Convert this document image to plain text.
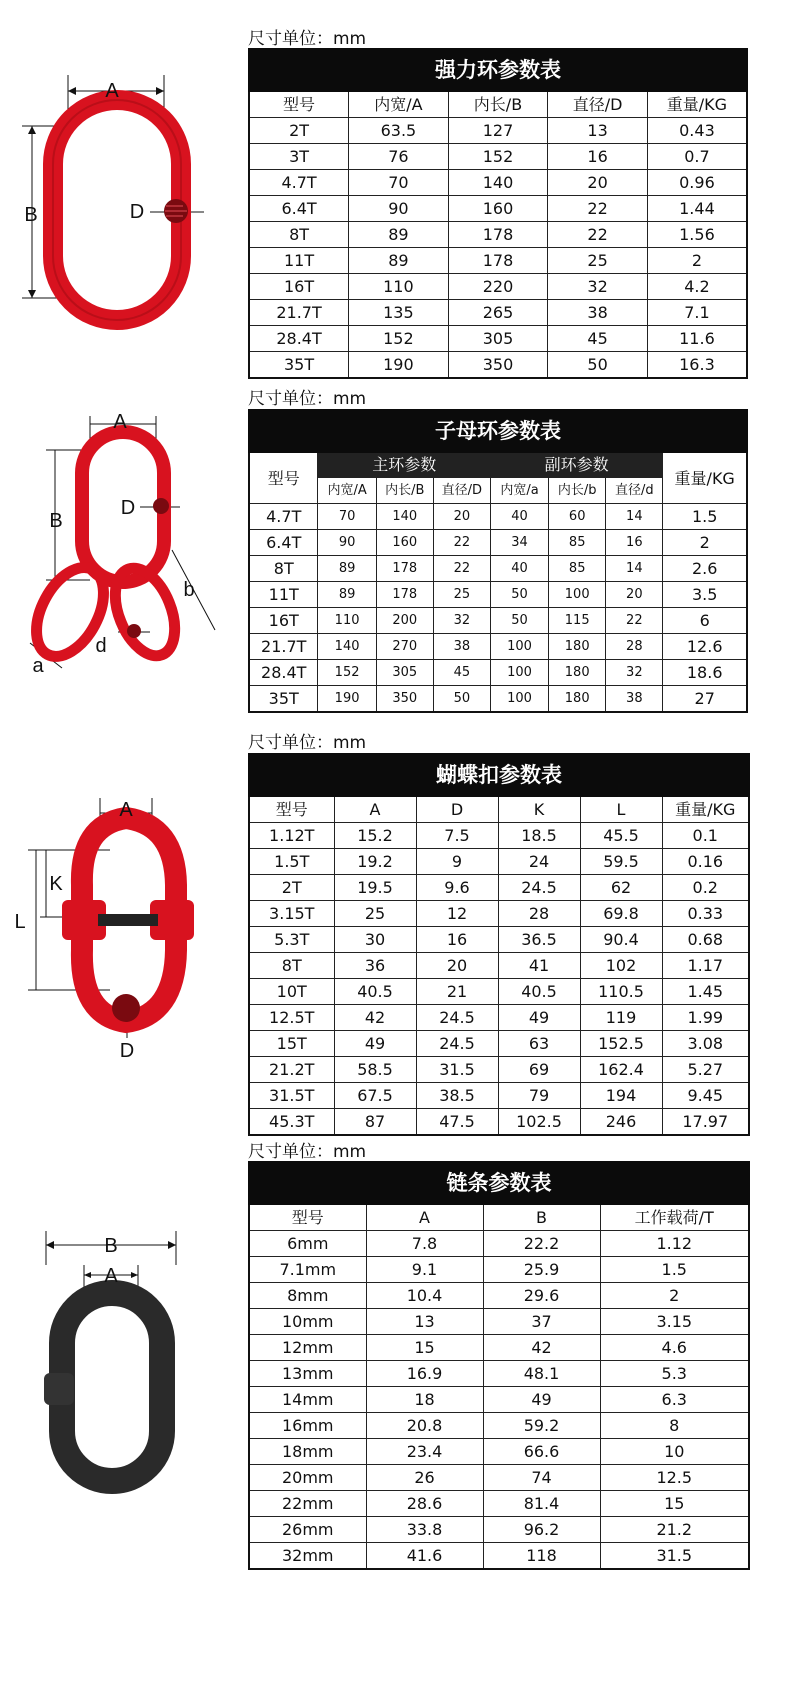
尺寸单位：mm
A
B	D
强力环参数表				
型号	内宽/A	内长/B	直径/D	重量/KG
2T	63.5	127	13	0.43
3T	76	152	16	0.7
4.7T	70	140	20	0.96
6.4T	90	160	22	1.44
8T	89	178	22	1.56
11T	89	178	25	2
16T	110	220	32	4.2
21.7T	135	265	38	7.1
28.4T	152	305	45	11.6
35T	190	350	50	16.3
尺寸单位：mm
A
B
D
a
b
d
子母环参数表							
型号	主环参数			副环参数			重量/KG
	内宽/A	内长/B	直径/D	内宽/a	内长/b	直径/d	
4.7T	70	140	20	40	60	14	1.5
6.4T	90	160	22	34	85	16	2
8T	89	178	22	40	85	14	2.6
11T	89	178	25	50	100	20	3.5
16T	110	200	32	50	115	22	6
21.7T	140	270	38	100	180	28	12.6
28.4T	152	305	45	100	180	32	18.6
35T	190	350	50	100	180	38	27
尺寸单位：mm
A
K
L
D
蝴蝶扣参数表					
型号	A	D	K	L	重量/KG
1.12T	15.2	7.5	18.5	45.5	0.1
1.5T	19.2	9	24	59.5	0.16
2T	19.5	9.6	24.5	62	0.2
3.15T	25	12	28	69.8	0.33
5.3T	30	16	36.5	90.4	0.68
8T	36	20	41	102	1.17
10T	40.5	21	40.5	110.5	1.45
12.5T	42	24.5	49	119	1.99
15T	49	24.5	63	152.5	3.08
21.2T	58.5	31.5	69	162.4	5.27
31.5T	67.5	38.5	79	194	9.45
45.3T	87	47.5	102.5	246	17.97
尺寸单位：mm
B
A
链条参数表			
型号	A	B	工作载荷/T
6mm	7.8	22.2	1.12
7.1mm	9.1	25.9	1.5
8mm	10.4	29.6	2
10mm	13	37	3.15
12mm	15	42	4.6
13mm	16.9	48.1	5.3
14mm	18	49	6.3
16mm	20.8	59.2	8
18mm	23.4	66.6	10
20mm	26	74	12.5
22mm	28.6	81.4	15
26mm	33.8	96.2	21.2
32mm	41.6	118	31.5
